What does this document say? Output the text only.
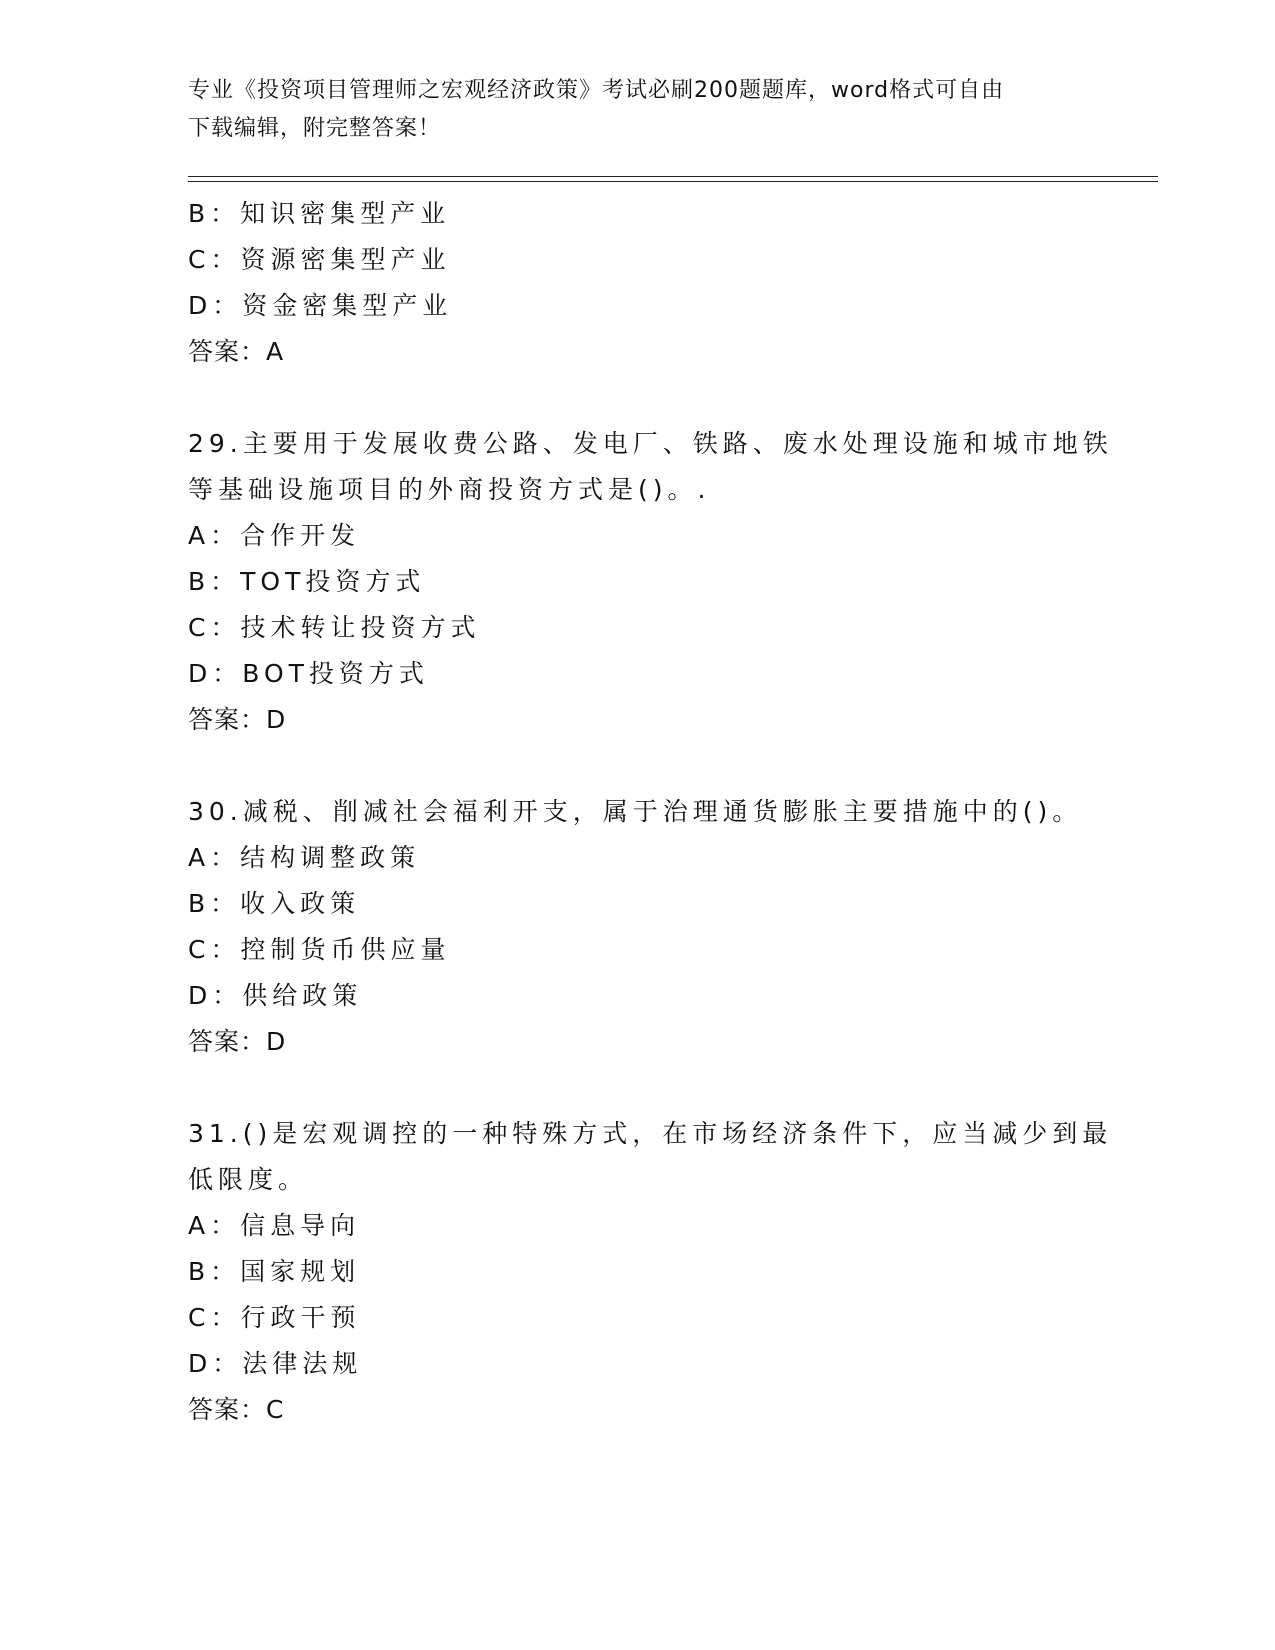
专业《投资项目管理师之宏观经济政策》考试必刷200题题库，word格式可自由
下载编辑，附完整答案！
B：知识密集型产业
C：资源密集型产业
D：资金密集型产业
答案：A
29.主要用于发展收费公路、发电厂、铁路、废水处理设施和城市地铁
等基础设施项目的外商投资方式是()。.
A：合作开发
B：TOT投资方式
C：技术转让投资方式
D：BOT投资方式
答案：D
30.减税、削减社会福利开支，属于治理通货膨胀主要措施中的()。
A：结构调整政策
B：收入政策
C：控制货币供应量
D：供给政策
答案：D
31.()是宏观调控的一种特殊方式，在市场经济条件下，应当减少到最
低限度。
A：信息导向
B：国家规划
C：行政干预
D：法律法规
答案：C
